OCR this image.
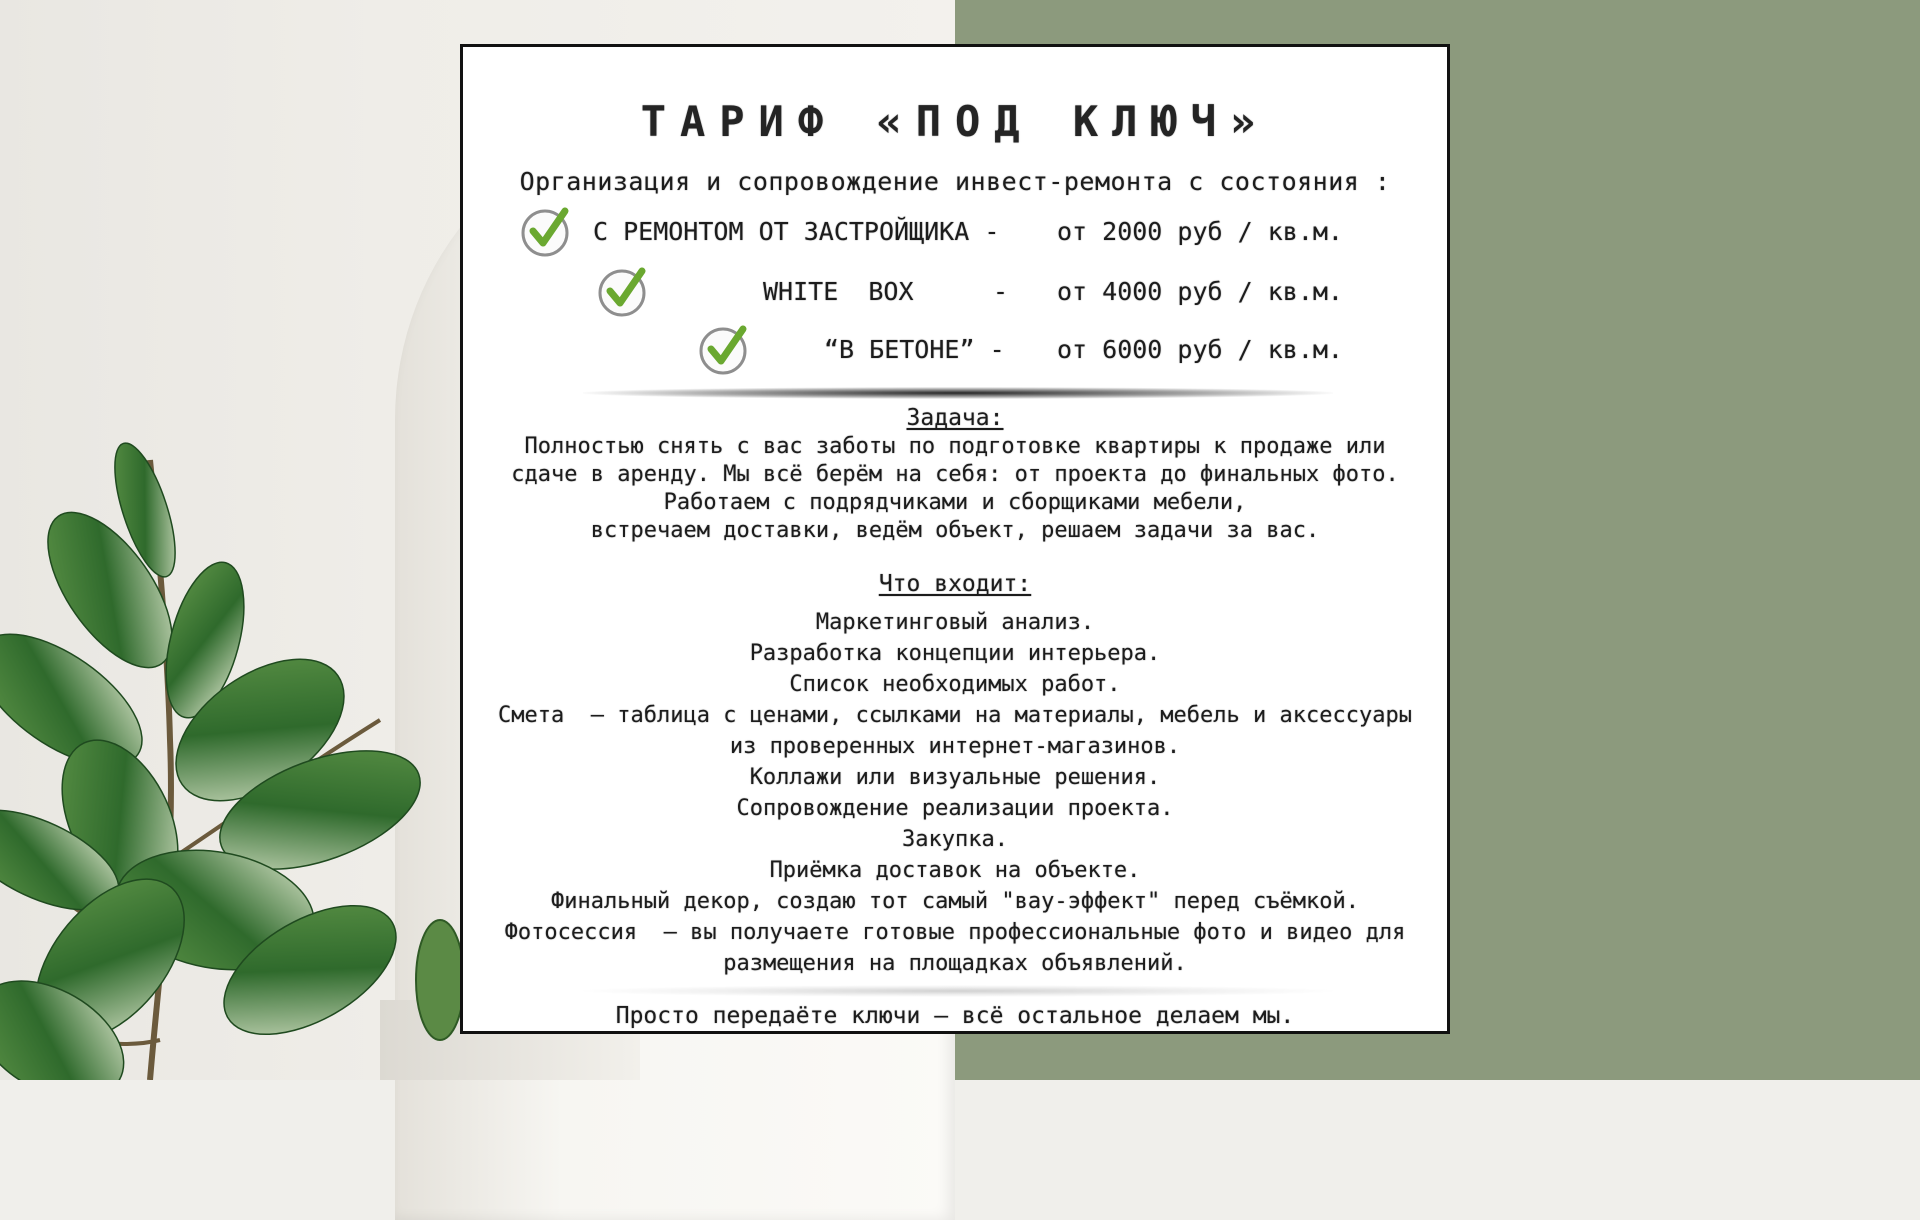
ТАРИФ «ПОД КЛЮЧ»
Организация и сопровождение инвест-ремонта с состояния :
С РЕМОНТОМ ОТ ЗАСТРОЙЩИКА - от 2000 руб / кв.м.
WHITE  BOX	- от 4000 руб / кв.м.
“В БЕТОНЕ” - от 6000 руб / кв.м.
Задача:
Полностью снять с вас заботы по подготовке квартиры к продаже или
сдаче в аренду. Мы всё берём на себя: от проекта до финальных фото.
Работаем с подрядчиками и сборщиками мебели,
встречаем доставки, ведём объект, решаем задачи за вас.
Что входит:
Маркетинговый анализ.
Разработка концепции интерьера.
Список необходимых работ.
Смета  — таблица с ценами, ссылками на материалы, мебель и аксессуары
из проверенных интернет-магазинов.
Коллажи или визуальные решения.
Сопровождение реализации проекта.
Закупка.
Приёмка доставок на объекте.
Финальный декор, создаю тот самый "вау-эффект" перед съёмкой.
Фотосессия  — вы получаете готовые профессиональные фото и видео для
размещения на площадках объявлений.
Просто передаёте ключи — всё остальное делаем мы.
